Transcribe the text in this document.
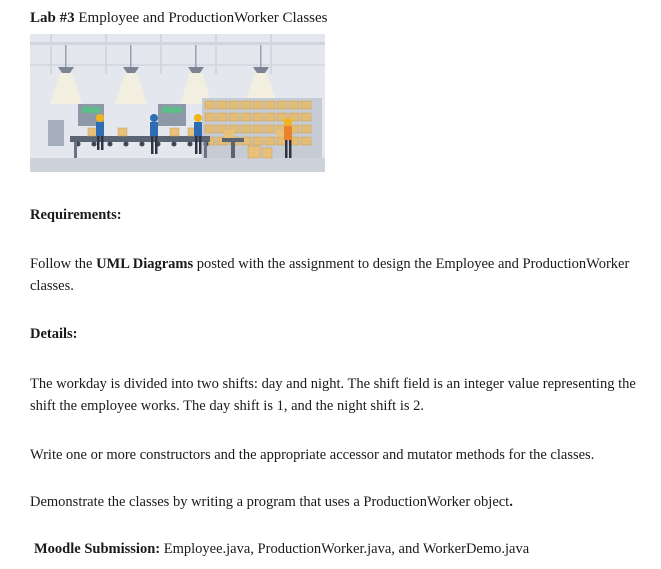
Lab #3 Employee and ProductionWorker Classes
Requirements:
Follow the UML Diagrams posted with the assignment to design the Employee and ProductionWorker classes.
Details:
The workday is divided into two shifts: day and night. The shift field is an integer value representing the shift the employee works. The day shift is 1, and the night shift is 2.
Write one or more constructors and the appropriate accessor and mutator methods for the classes.
Demonstrate the classes by writing a program that uses a ProductionWorker object.
Moodle Submission: Employee.java, ProductionWorker.java, and WorkerDemo.java
